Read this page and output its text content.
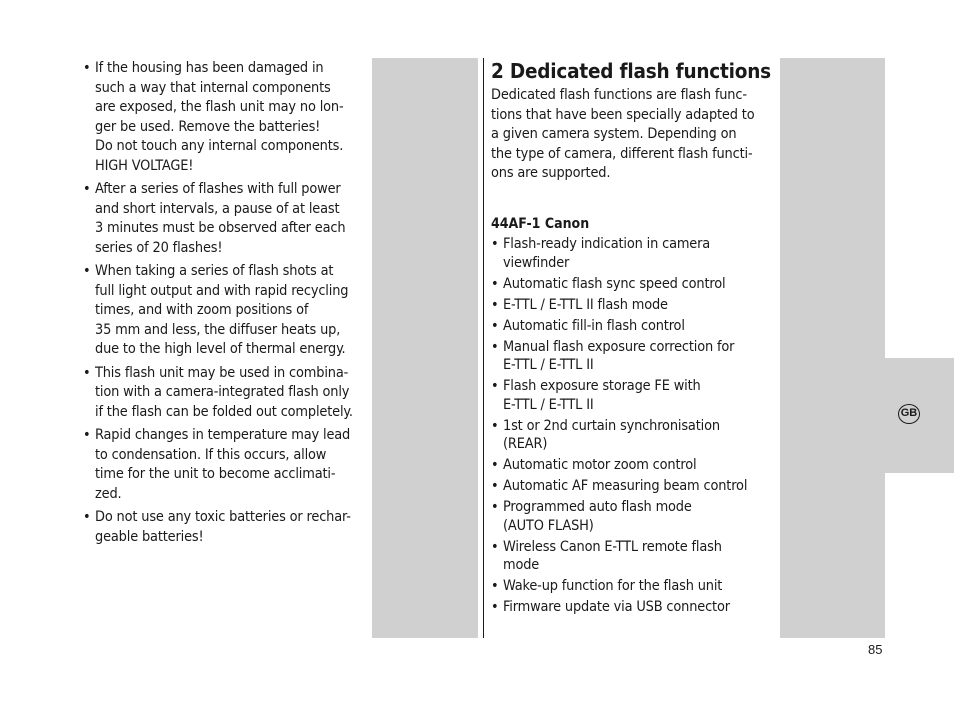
• If the housing has been damaged in
such a way that internal components
are exposed, the flash unit may no lon-
ger be used. Remove the batteries!
Do not touch any internal components.
HIGH VOLTAGE!
• After a series of flashes with full power
and short intervals, a pause of at least
3 minutes must be observed after each
series of 20 flashes!
• When taking a series of flash shots at
full light output and with rapid recycling
times, and with zoom positions of
35 mm and less, the diffuser heats up,
due to the high level of thermal energy.
• This flash unit may be used in combina-
tion with a camera-integrated flash only
if the flash can be folded out completely.
• Rapid changes in temperature may lead
to condensation. If this occurs, allow
time for the unit to become acclimati-
zed.
• Do not use any toxic batteries or rechar-
geable batteries!
2 Dedicated flash functions
Dedicated flash functions are flash func-
tions that have been specially adapted to
a given camera system. Depending on
the type of camera, different flash functi-
ons are supported.
44AF-1 Canon
• Flash-ready indication in camera
viewfinder
• Automatic flash sync speed control
• E-TTL / E-TTL II flash mode
• Automatic fill-in flash control
• Manual flash exposure correction for
E-TTL / E-TTL II
• Flash exposure storage FE with
E-TTL / E-TTL II
• 1st or 2nd curtain synchronisation
(REAR)
• Automatic motor zoom control
• Automatic AF measuring beam control
• Programmed auto flash mode
(AUTO FLASH)
• Wireless Canon E-TTL remote flash
mode
• Wake-up function for the flash unit
• Firmware update via USB connector
GB
85
